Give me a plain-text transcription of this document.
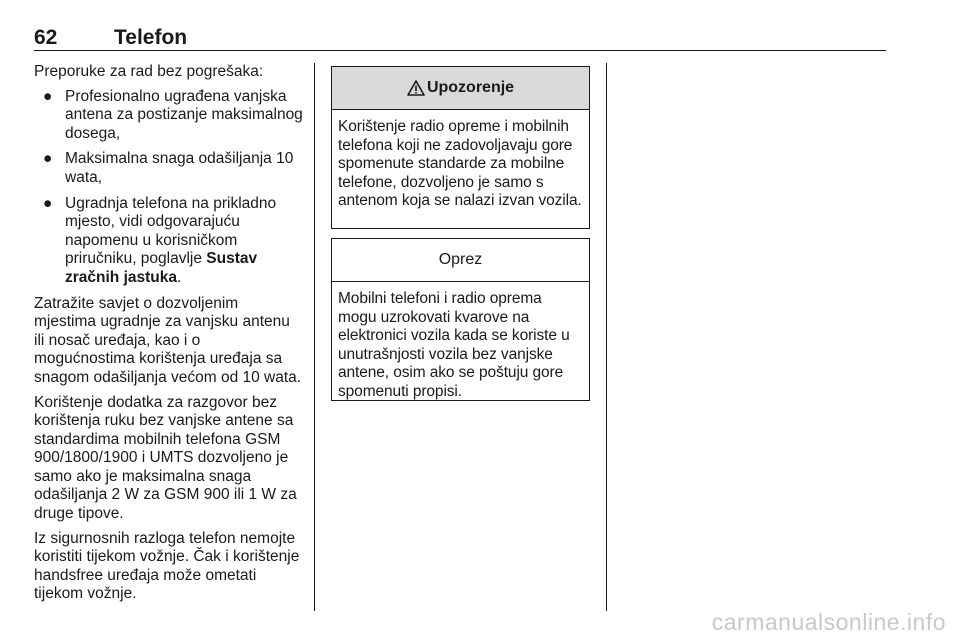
62	Telefon

Preporuke za rad bez pogrešaka:

● Profesionalno ugrađena vanjska antena za postizanje maksimalnog dosega,
● Maksimalna snaga odašiljanja 10 wata,
● Ugradnja telefona na prikladno mjesto, vidi odgovarajuću napomenu u korisničkom priručniku, poglavlje Sustav zračnih jastuka.

Zatražite savjet o dozvoljenim mjestima ugradnje za vanjsku antenu ili nosač uređaja, kao i o mogućnostima korištenja uređaja sa snagom odašiljanja većom od 10 wata.

Korištenje dodatka za razgovor bez korištenja ruku bez vanjske antene sa standardima mobilnih telefona GSM 900/1800/1900 i UMTS dozvoljeno je samo ako je maksimalna snaga odašiljanja 2 W za GSM 900 ili 1 W za druge tipove.

Iz sigurnosnih razloga telefon nemojte koristiti tijekom vožnje. Čak i korištenje handsfree uređaja može ometati tijekom vožnje.

Upozorenje
Korištenje radio opreme i mobilnih telefona koji ne zadovoljavaju gore spomenute standarde za mobilne telefone, dozvoljeno je samo s antenom koja se nalazi izvan vozila.
Oprez
Mobilni telefoni i radio oprema mogu uzrokovati kvarove na elektronici vozila kada se koriste u unutrašnjosti vozila bez vanjske antene, osim ako se poštuju gore spomenuti propisi.
carmanualsonline.info
